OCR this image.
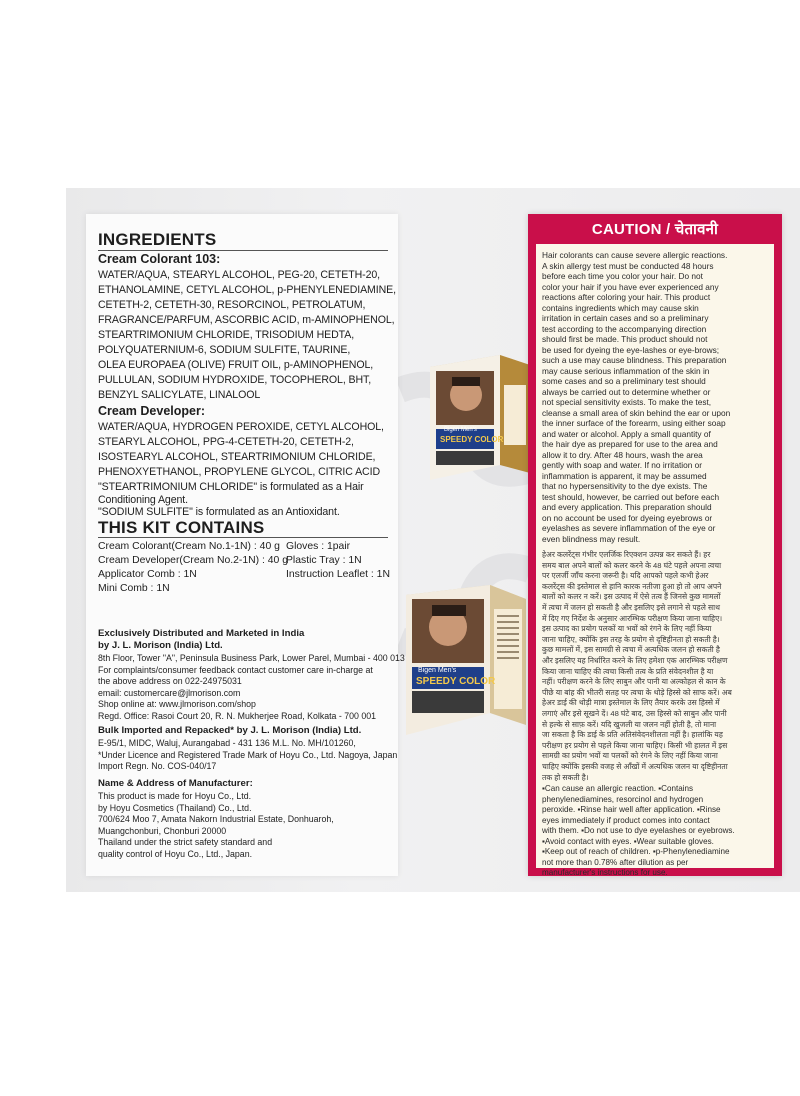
INGREDIENTS
Cream Colorant 103:
WATER/AQUA, STEARYL ALCOHOL, PEG-20, CETETH-20,
ETHANOLAMINE, CETYL ALCOHOL, p-PHENYLENEDIAMINE,
CETETH-2, CETETH-30, RESORCINOL, PETROLATUM,
FRAGRANCE/PARFUM, ASCORBIC ACID, m-AMINOPHENOL,
STEARTRIMONIUM CHLORIDE, TRISODIUM HEDTA,
POLYQUATERNIUM-6, SODIUM SULFITE, TAURINE,
OLEA EUROPAEA (OLIVE) FRUIT OIL, p-AMINOPHENOL,
PULLULAN, SODIUM HYDROXIDE, TOCOPHEROL, BHT,
BENZYL SALICYLATE, LINALOOL
Cream Developer:
WATER/AQUA, HYDROGEN PEROXIDE, CETYL ALCOHOL,
STEARYL ALCOHOL, PPG-4-CETETH-20, CETETH-2,
ISOSTEARYL ALCOHOL, STEARTRIMONIUM CHLORIDE,
PHENOXYETHANOL, PROPYLENE GLYCOL, CITRIC ACID
"STEARTRIMONIUM CHLORIDE" is formulated as a Hair
Conditioning Agent.
"SODIUM SULFITE" is formulated as an Antioxidant.
THIS KIT CONTAINS
Cream Colorant(Cream No.1-1N) : 40 g
Cream Developer(Cream No.2-1N) : 40 g
Applicator Comb : 1N
Mini Comb : 1N
Gloves : 1pair
Plastic Tray : 1N
Instruction Leaflet : 1N
Exclusively Distributed and Marketed in India
by J. L. Morison (India) Ltd.
8th Floor, Tower "A", Peninsula Business Park, Lower Parel, Mumbai - 400 013
For complaints/consumer feedback contact customer care in-charge at
the above address on 022-24975031
email: customercare@jlmorison.com
Shop online at: www.jlmorison.com/shop
Regd. Office: Rasoi Court 20, R. N. Mukherjee Road, Kolkata - 700 001
Bulk Imported and Repacked* by J. L. Morison (India) Ltd.
E-95/1, MIDC, Waluj, Aurangabad - 431 136 M.L. No. MH/101260,
*Under Licence and Registered Trade Mark of Hoyu Co., Ltd. Nagoya, Japan
Import Regn. No. COS-040/17
Name & Address of Manufacturer:
This product is made for Hoyu Co., Ltd.
by Hoyu Cosmetics (Thailand) Co., Ltd.
700/624 Moo 7, Amata Nakorn Industrial Estate, Donhuaroh,
Muangchonburi, Chonburi 20000
Thailand under the strict safety standard and
quality control of Hoyu Co., Ltd., Japan.
Bigen Men's
SPEEDY COLOR
Bigen Men's
SPEEDY COLOR
CAUTION / चेतावनी
Hair colorants can cause severe allergic reactions.
A skin allergy test must be conducted 48 hours
before each time you color your hair. Do not
color your hair if you have ever experienced any
reactions after coloring your hair. This product
contains ingredients which may cause skin
irritation in certain cases and so a preliminary
test according to the accompanying direction
should first be made. This product should not
be used for dyeing the eye-lashes or eye-brows;
such a use may cause blindness. This preparation
may cause serious inflammation of the skin in
some cases and so a preliminary test should
always be carried out to determine whether or
not special sensitivity exists. To make the test,
cleanse a small area of skin behind the ear or upon
the inner surface of the forearm, using either soap
and water or alcohol. Apply a small quantity of
the hair dye as prepared for use to the area and
allow it to dry. After 48 hours, wash the area
gently with soap and water. If no irritation or
inflammation is apparent, it may be assumed
that no hypersensitivity to the dye exists. The
test should, however, be carried out before each
and every application. This preparation should
on no account be used for dyeing eyebrows or
eyelashes as severe inflammation of the eye or
even blindness may result.
हेअर कलरेंट्स गंभीर एलर्जिक रिएक्शन उत्पन्न कर सकते हैं। हर
समय बाल अपने बालों को कलर करने के 48 घंटे पहले अपना त्वचा
पर एलर्जी जाँच करना जरूरी है। यदि आपको पहले कभी हेअर
कलरेंट्स की इस्तेमाल से हानि कारक नतीजा हुआ हो तो आप अपने
बालों को कलर न करें। इस उत्पाद में ऐसे तत्व हैं जिनसे कुछ मामलों
में त्वचा में जलन हो सकती है और इसलिए इसे लगाने से पहले साथ
में दिए गए निर्देश के अनुसार आरम्भिक परीक्षण किया जाना चाहिए।
इस उत्पाद का प्रयोग पलकों या भवों को रंगने के लिए नहीं किया
जाना चाहिए, क्योंकि इस तरह के प्रयोग से दृष्टिहीनता हो सकती है।
कुछ मामलों में, इस सामग्री से त्वचा में अत्यधिक जलन हो सकती है
और इसलिए यह निर्धारित करने के लिए हमेशा एक आरम्भिक परीक्षण
किया जाना चाहिए की त्वचा किसी तत्व के प्रति संवेदनशील है या
नहीं। परीक्षण करने के लिए साबुन और पानी या अल्कोहल से कान के
पीछे या बांह की भीतरी सतह पर त्वचा के थोड़े हिस्से को साफ करें। अब
हेअर डाई की थोड़ी मात्रा इस्तेमाल के लिए तैयार करके उस हिस्से में
लगाएं और इसे सूखने दें। 48 घंटे बाद, उस हिस्से को साबुन और पानी
से हल्के से साफ़ करें। यदि खुजली या जलन नहीं होती है, तो माना
जा सकता है कि डाई के प्रति अतिसंवेदनशीलता नहीं है। हालांकि यह
परीक्षण हर प्रयोग से पहले किया जाना चाहिए। किसी भी हालत में इस
सामग्री का प्रयोग भवों या पलकों को रंगने के लिए नहीं किया जाना
चाहिए क्योंकि इसकी वजह से आँखों में अत्यधिक जलन या दृष्टिहीनता
तक हो सकती है।
▪Can cause an allergic reaction. ▪Contains
phenylenediamines, resorcinol and hydrogen
peroxide. ▪Rinse hair well after application. ▪Rinse
eyes immediately if product comes into contact
with them. ▪Do not use to dye eyelashes or eyebrows.
▪Avoid contact with eyes. ▪Wear suitable gloves.
▪Keep out of reach of children. ▪p-Phenylenediamine
not more than 0.78% after dilution as per
manufacturer's instructions for use.
